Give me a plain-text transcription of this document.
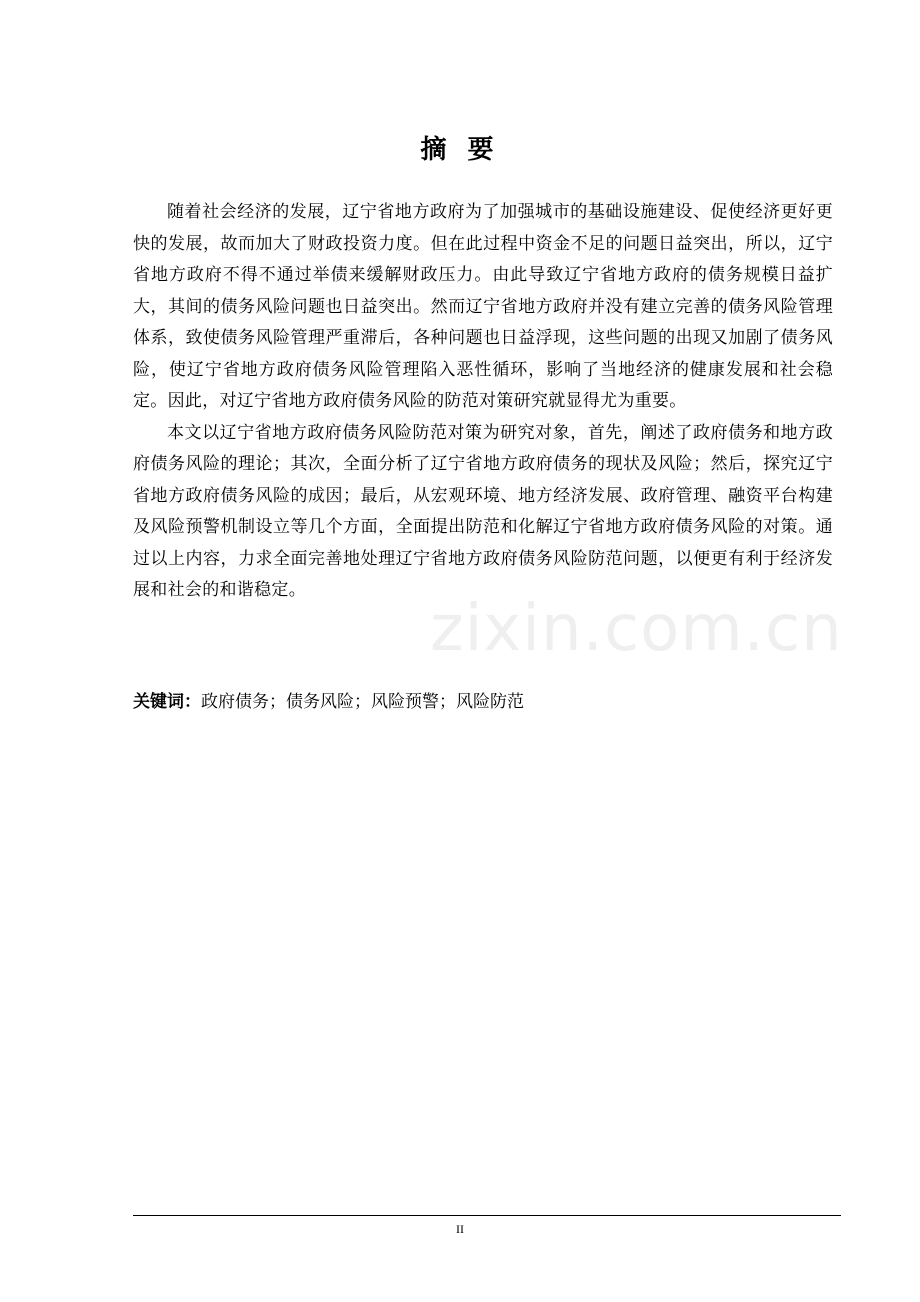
摘 要

随着社会经济的发展，辽宁省地方政府为了加强城市的基础设施建设、促使经济更好更快的发展，故而加大了财政投资力度。但在此过程中资金不足的问题日益突出，所以，辽宁省地方政府不得不通过举债来缓解财政压力。由此导致辽宁省地方政府的债务规模日益扩大，其间的债务风险问题也日益突出。然而辽宁省地方政府并没有建立完善的债务风险管理体系，致使债务风险管理严重滞后，各种问题也日益浮现，这些问题的出现又加剧了债务风险，使辽宁省地方政府债务风险管理陷入恶性循环，影响了当地经济的健康发展和社会稳定。因此，对辽宁省地方政府债务风险的防范对策研究就显得尤为重要。

本文以辽宁省地方政府债务风险防范对策为研究对象，首先，阐述了政府债务和地方政府债务风险的理论；其次，全面分析了辽宁省地方政府债务的现状及风险；然后，探究辽宁省地方政府债务风险的成因；最后，从宏观环境、地方经济发展、政府管理、融资平台构建及风险预警机制设立等几个方面，全面提出防范和化解辽宁省地方政府债务风险的对策。通过以上内容，力求全面完善地处理辽宁省地方政府债务风险防范问题，以便更有利于经济发展和社会的和谐稳定。

zixin.com.cn
关键词：政府债务；债务风险；风险预警；风险防范
II
